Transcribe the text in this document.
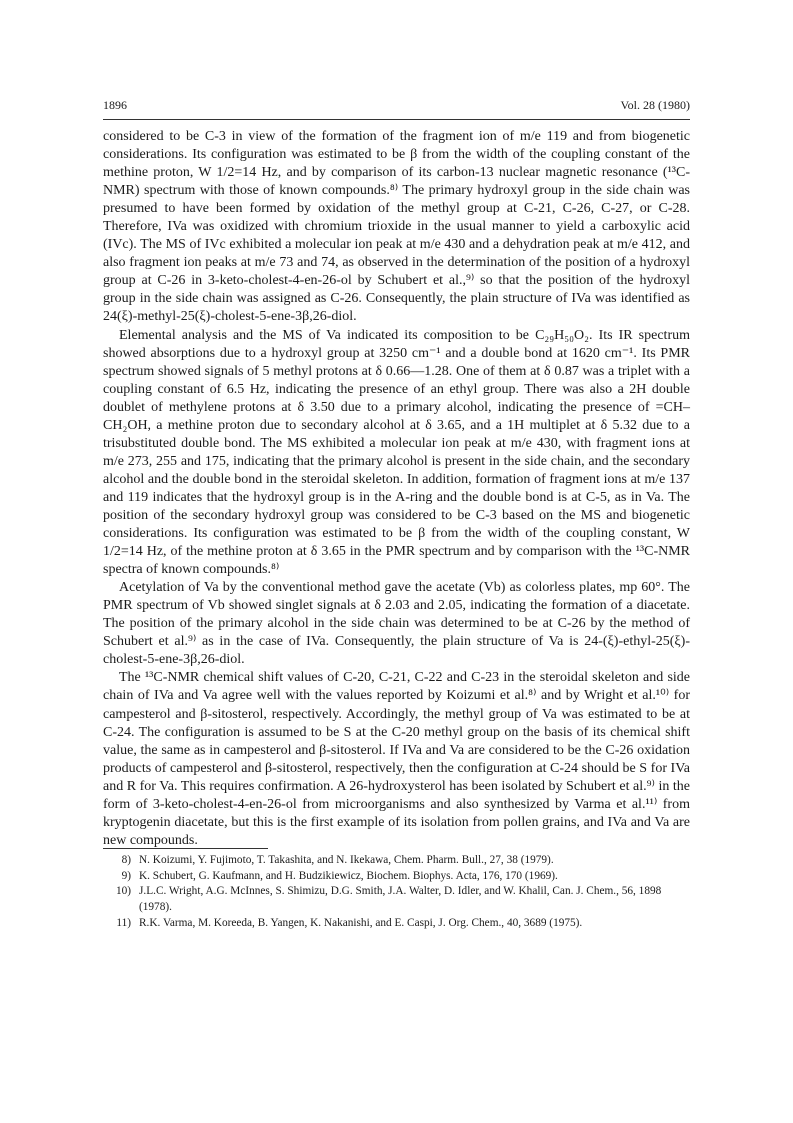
1896	Vol. 28 (1980)

considered to be C-3 in view of the formation of the fragment ion of m/e 119 and from biogenetic considerations. Its configuration was estimated to be β from the width of the coupling constant of the methine proton, W 1/2=14 Hz, and by comparison of its carbon-13 nuclear magnetic resonance (¹³C-NMR) spectrum with those of known compounds.⁸⁾ The primary hydroxyl group in the side chain was presumed to have been formed by oxidation of the methyl group at C-21, C-26, C-27, or C-28. Therefore, IVa was oxidized with chromium trioxide in the usual manner to yield a carboxylic acid (IVc). The MS of IVc exhibited a molecular ion peak at m/e 430 and a dehydration peak at m/e 412, and also fragment ion peaks at m/e 73 and 74, as observed in the determination of the position of a hydroxyl group at C-26 in 3-keto-cholest-4-en-26-ol by Schubert et al.,⁹⁾ so that the position of the hydroxyl group in the side chain was assigned as C-26. Consequently, the plain structure of IVa was identified as 24(ξ)-methyl-25(ξ)-cholest-5-ene-3β,26-diol.

Elemental analysis and the MS of Va indicated its composition to be C₂₉H₅₀O₂. Its IR spectrum showed absorptions due to a hydroxyl group at 3250 cm⁻¹ and a double bond at 1620 cm⁻¹. Its PMR spectrum showed signals of 5 methyl protons at δ 0.66—1.28. One of them at δ 0.87 was a triplet with a coupling constant of 6.5 Hz, indicating the presence of an ethyl group. There was also a 2H double doublet of methylene protons at δ 3.50 due to a primary alcohol, indicating the presence of =CH–CH₂OH, a methine proton due to secondary alcohol at δ 3.65, and a 1H multiplet at δ 5.32 due to a trisubstituted double bond. The MS exhibited a molecular ion peak at m/e 430, with fragment ions at m/e 273, 255 and 175, indicating that the primary alcohol is present in the side chain, and the secondary alcohol and the double bond in the steroidal skeleton. In addition, formation of fragment ions at m/e 137 and 119 indicates that the hydroxyl group is in the A-ring and the double bond is at C-5, as in Va. The position of the secondary hydroxyl group was considered to be C-3 based on the MS and biogenetic considerations. Its configuration was estimated to be β from the width of the coupling constant, W 1/2=14 Hz, of the methine proton at δ 3.65 in the PMR spectrum and by comparison with the ¹³C-NMR spectra of known compounds.⁸⁾

Acetylation of Va by the conventional method gave the acetate (Vb) as colorless plates, mp 60°. The PMR spectrum of Vb showed singlet signals at δ 2.03 and 2.05, indicating the formation of a diacetate. The position of the primary alcohol in the side chain was determined to be at C-26 by the method of Schubert et al.⁹⁾ as in the case of IVa. Consequently, the plain structure of Va is 24-(ξ)-ethyl-25(ξ)-cholest-5-ene-3β,26-diol.

The ¹³C-NMR chemical shift values of C-20, C-21, C-22 and C-23 in the steroidal skeleton and side chain of IVa and Va agree well with the values reported by Koizumi et al.⁸⁾ and by Wright et al.¹⁰⁾ for campesterol and β-sitosterol, respectively. Accordingly, the methyl group of Va was estimated to be at C-24. The configuration is assumed to be S at the C-20 methyl group on the basis of its chemical shift value, the same as in campesterol and β-sitosterol. If IVa and Va are considered to be the C-26 oxidation products of campesterol and β-sitosterol, respectively, then the configuration at C-24 should be S for IVa and R for Va. This requires confirmation. A 26-hydroxysterol has been isolated by Schubert et al.⁹⁾ in the form of 3-keto-cholest-4-en-26-ol from microorganisms and also synthesized by Varma et al.¹¹⁾ from kryptogenin diacetate, but this is the first example of its isolation from pollen grains, and IVa and Va are new compounds.

8) N. Koizumi, Y. Fujimoto, T. Takashita, and N. Ikekawa, Chem. Pharm. Bull., 27, 38 (1979).
9) K. Schubert, G. Kaufmann, and H. Budzikiewicz, Biochem. Biophys. Acta, 176, 170 (1969).
10) J.L.C. Wright, A.G. McInnes, S. Shimizu, D.G. Smith, J.A. Walter, D. Idler, and W. Khalil, Can. J. Chem., 56, 1898 (1978).
11) R.K. Varma, M. Koreeda, B. Yangen, K. Nakanishi, and E. Caspi, J. Org. Chem., 40, 3689 (1975).
